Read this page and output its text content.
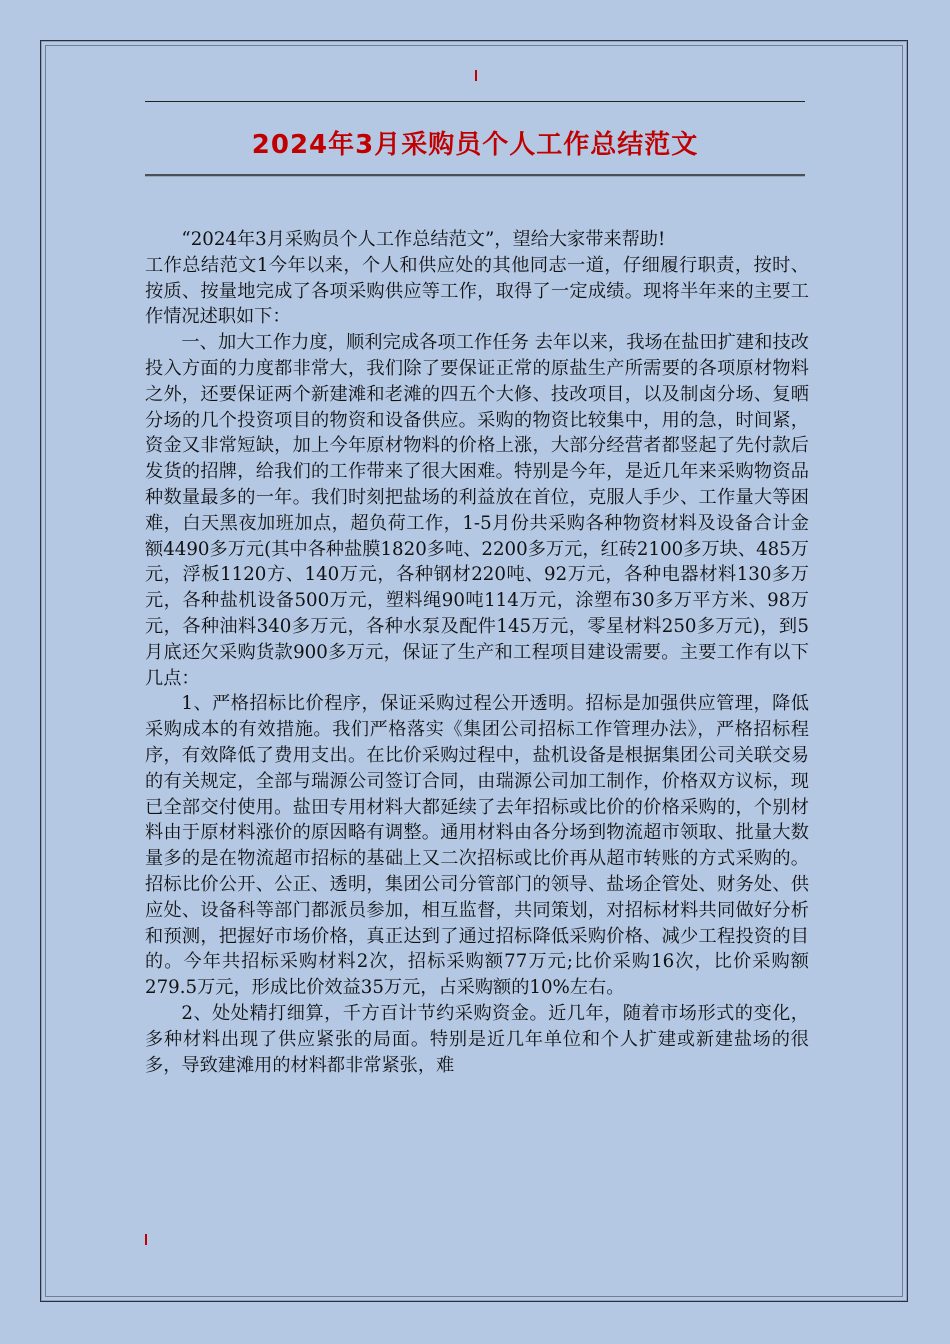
2024年3月采购员个人工作总结范文

“2024年3月采购员个人工作总结范文”，望给大家带来帮助!

工作总结范文1今年以来，个人和供应处的其他同志一道，仔细履行职责，按时、按质、按量地完成了各项采购供应等工作，取得了一定成绩。现将半年来的主要工作情况述职如下：

一、加大工作力度，顺利完成各项工作任务 去年以来，我场在盐田扩建和技改投入方面的力度都非常大，我们除了要保证正常的原盐生产所需要的各项原材物料之外，还要保证两个新建滩和老滩的四五个大修、技改项目，以及制卤分场、复晒分场的几个投资项目的物资和设备供应。采购的物资比较集中，用的急，时间紧，资金又非常短缺，加上今年原材物料的价格上涨，大部分经营者都竖起了先付款后发货的招牌，给我们的工作带来了很大困难。特别是今年，是近几年来采购物资品种数量最多的一年。我们时刻把盐场的利益放在首位，克服人手少、工作量大等困难，白天黑夜加班加点，超负荷工作，1-5月份共采购各种物资材料及设备合计金额4490多万元(其中各种盐膜1820多吨、2200多万元，红砖2100多万块、485万元，浮板1120方、140万元，各种钢材220吨、92万元，各种电器材料130多万元，各种盐机设备500万元，塑料绳90吨114万元，涂塑布30多万平方米、98万元，各种油料340多万元，各种水泵及配件145万元，零星材料250多万元)，到5月底还欠采购货款900多万元，保证了生产和工程项目建设需要。主要工作有以下几点：

1、严格招标比价程序，保证采购过程公开透明。招标是加强供应管理，降低采购成本的有效措施。我们严格落实《集团公司招标工作管理办法》，严格招标程序，有效降低了费用支出。在比价采购过程中，盐机设备是根据集团公司关联交易的有关规定，全部与瑞源公司签订合同，由瑞源公司加工制作，价格双方议标，现已全部交付使用。盐田专用材料大都延续了去年招标或比价的价格采购的，个别材料由于原材料涨价的原因略有调整。通用材料由各分场到物流超市领取、批量大数量多的是在物流超市招标的基础上又二次招标或比价再从超市转账的方式采购的。招标比价公开、公正、透明，集团公司分管部门的领导、盐场企管处、财务处、供应处、设备科等部门都派员参加，相互监督，共同策划，对招标材料共同做好分析和预测，把握好市场价格，真正达到了通过招标降低采购价格、减少工程投资的目的。今年共招标采购材料2次，招标采购额77万元;比价采购16次，比价采购额279.5万元，形成比价效益35万元，占采购额的10%左右。

2、处处精打细算，千方百计节约采购资金。近几年，随着市场形式的变化，多种材料出现了供应紧张的局面。特别是近几年单位和个人扩建或新建盐场的很多，导致建滩用的材料都非常紧张，难
